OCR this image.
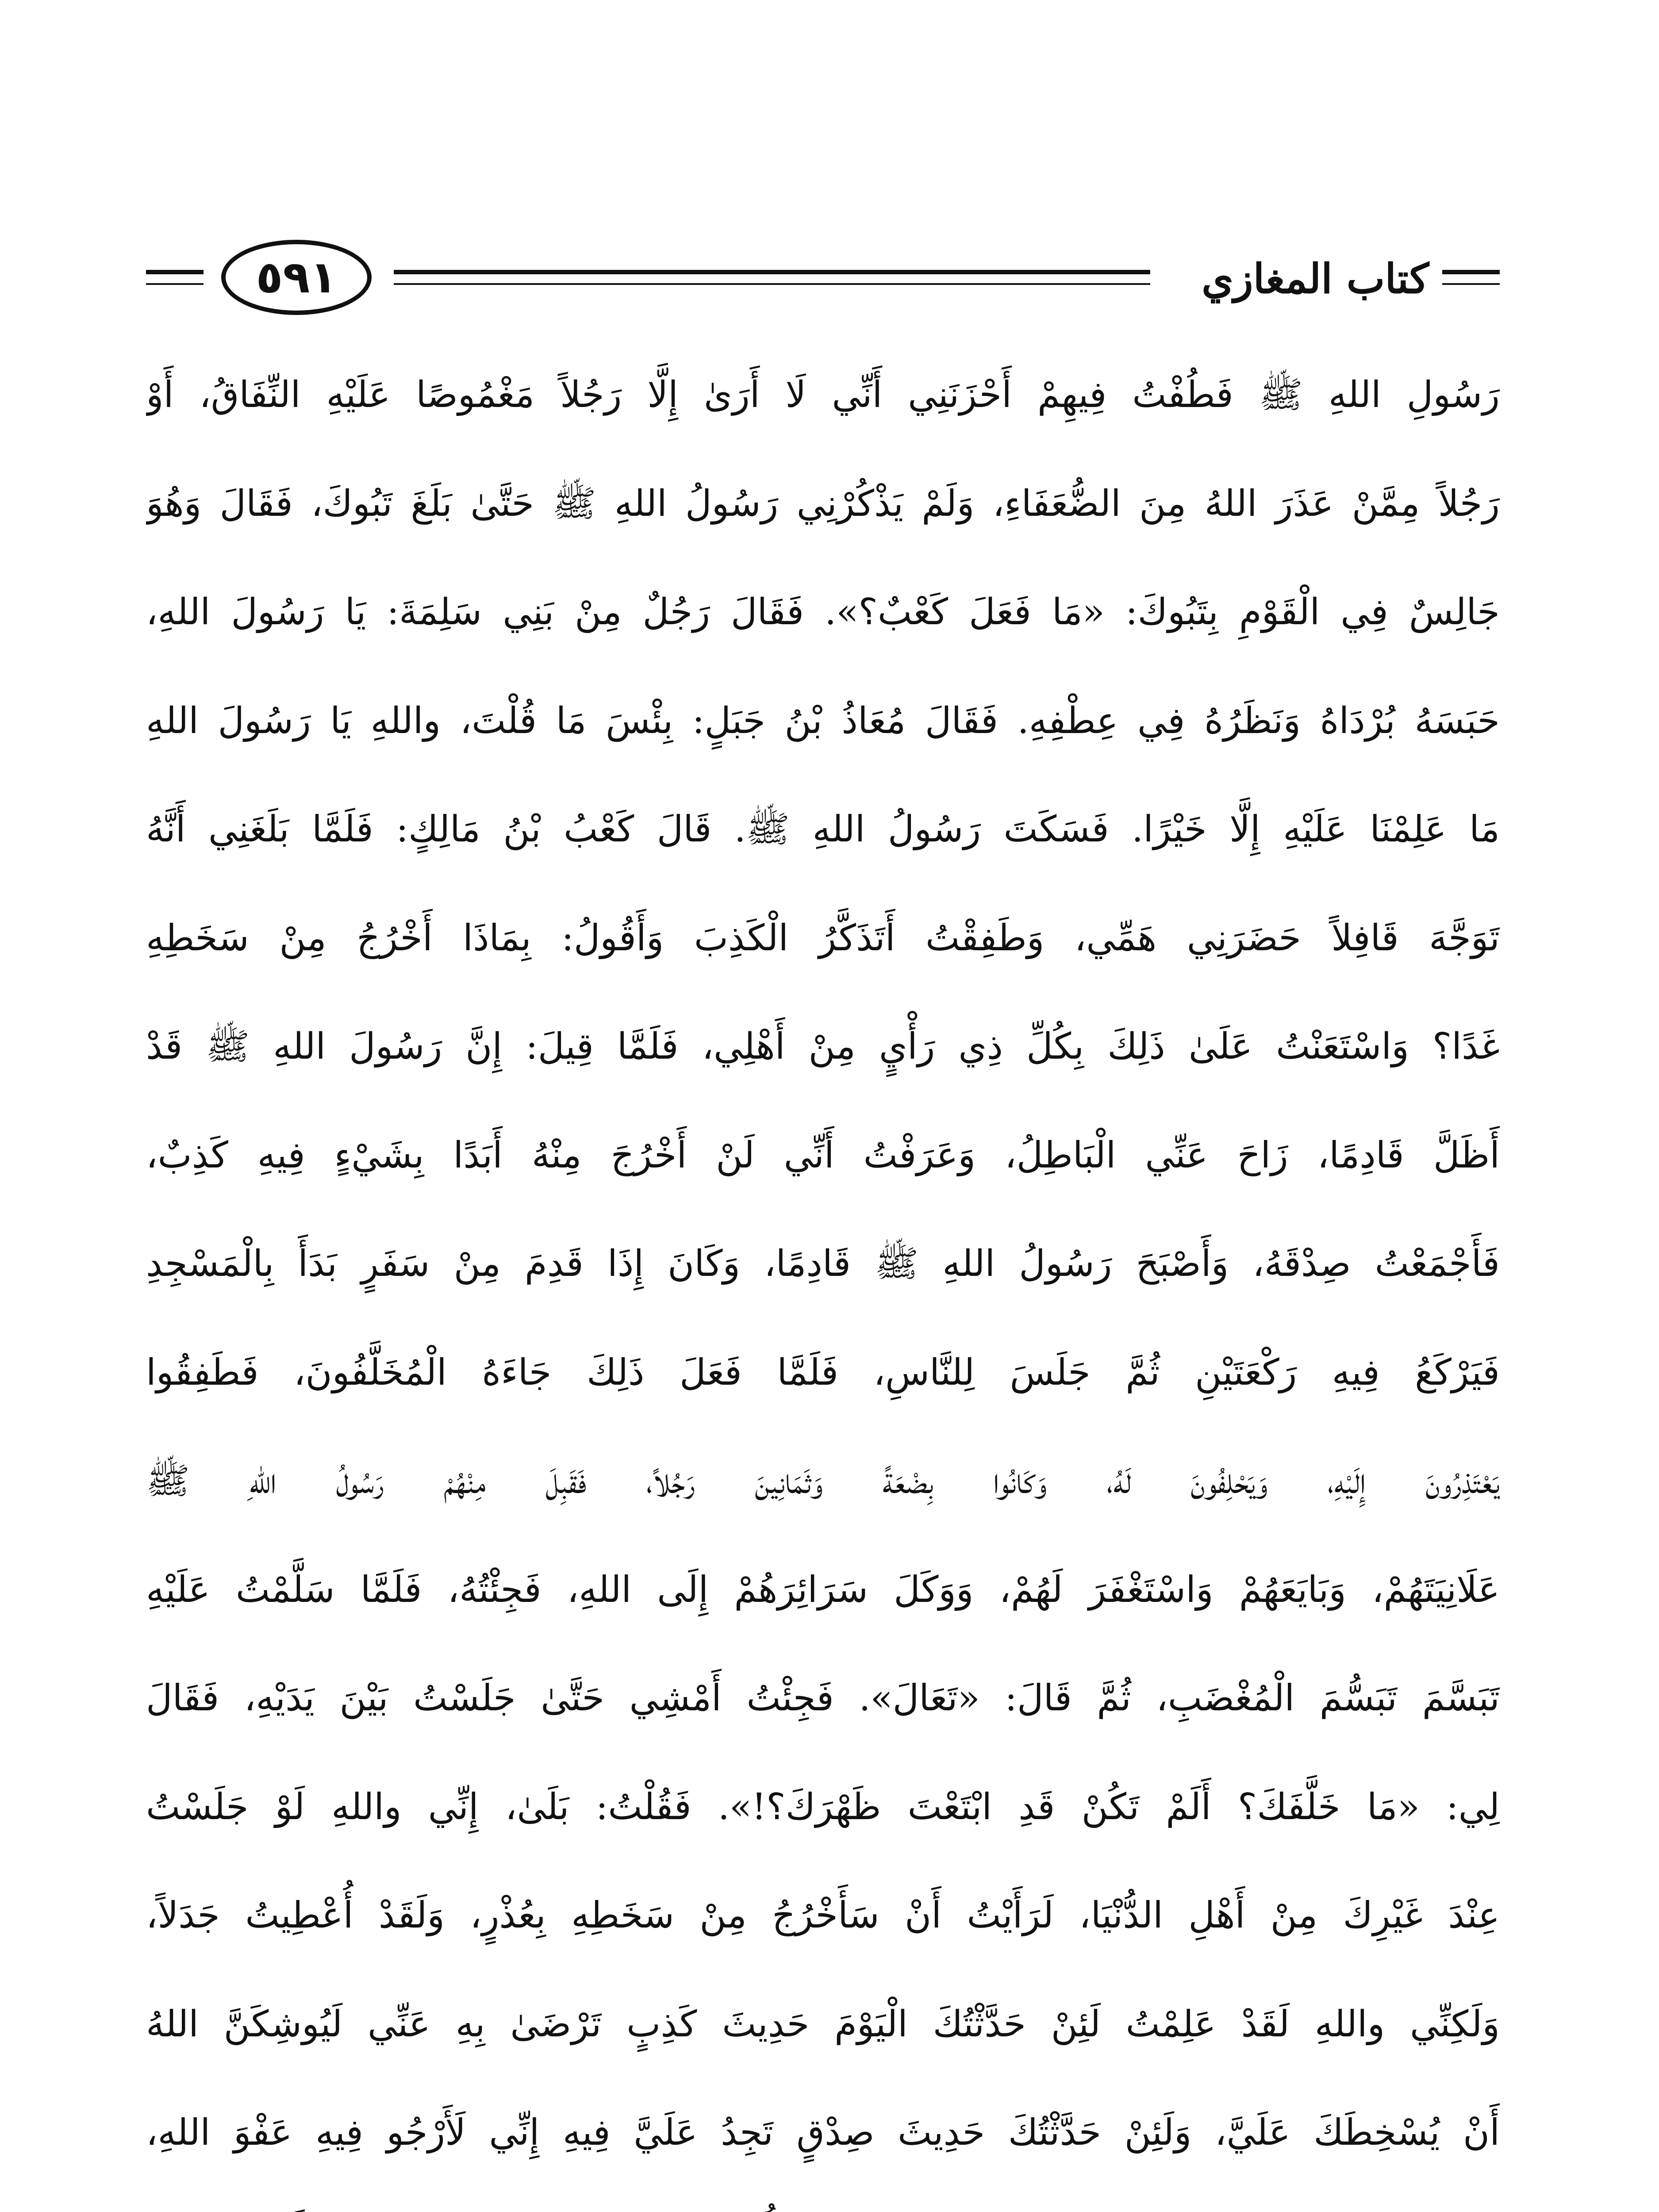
كتاب المغازي
٥٩١
رَسُولِ اللهِ ﷺ فَطُفْتُ فِيهِمْ أَحْزَنَنِي أَنِّي لَا أَرَىٰ إِلَّا رَجُلاً مَغْمُوصًا عَلَيْهِ النِّفَاقُ، أَوْ
رَجُلاً مِمَّنْ عَذَرَ اللهُ مِنَ الضُّعَفَاءِ، وَلَمْ يَذْكُرْنِي رَسُولُ اللهِ ﷺ حَتَّىٰ بَلَغَ تَبُوكَ، فَقَالَ وَهُوَ
جَالِسٌ فِي الْقَوْمِ بِتَبُوكَ: «مَا فَعَلَ كَعْبٌ؟». فَقَالَ رَجُلٌ مِنْ بَنِي سَلِمَةَ: يَا رَسُولَ اللهِ،
حَبَسَهُ بُرْدَاهُ وَنَظَرُهُ فِي عِطْفِهِ. فَقَالَ مُعَاذُ بْنُ جَبَلٍ: بِئْسَ مَا قُلْتَ، واللهِ يَا رَسُولَ اللهِ
مَا عَلِمْنَا عَلَيْهِ إِلَّا خَيْرًا. فَسَكَتَ رَسُولُ اللهِ ﷺ. قَالَ كَعْبُ بْنُ مَالِكٍ: فَلَمَّا بَلَغَنِي أَنَّهُ
تَوَجَّهَ قَافِلاً حَضَرَنِي هَمِّي، وَطَفِقْتُ أَتَذَكَّرُ الْكَذِبَ وَأَقُولُ: بِمَاذَا أَخْرُجُ مِنْ سَخَطِهِ
غَدًا؟ وَاسْتَعَنْتُ عَلَىٰ ذَلِكَ بِكُلِّ ذِي رَأْيٍ مِنْ أَهْلِي، فَلَمَّا قِيلَ: إِنَّ رَسُولَ اللهِ ﷺ قَدْ
أَظَلَّ قَادِمًا، زَاحَ عَنِّي الْبَاطِلُ، وَعَرَفْتُ أَنِّي لَنْ أَخْرُجَ مِنْهُ أَبَدًا بِشَيْءٍ فِيهِ كَذِبٌ،
فَأَجْمَعْتُ صِدْقَهُ، وَأَصْبَحَ رَسُولُ اللهِ ﷺ قَادِمًا، وَكَانَ إِذَا قَدِمَ مِنْ سَفَرٍ بَدَأَ بِالْمَسْجِدِ
فَيَرْكَعُ فِيهِ رَكْعَتَيْنِ ثُمَّ جَلَسَ لِلنَّاسِ، فَلَمَّا فَعَلَ ذَلِكَ جَاءَهُ الْمُخَلَّفُونَ، فَطَفِقُوا
يَعْتَذِرُونَ إِلَيْهِ، وَيَحْلِفُونَ لَهُ، وَكَانُوا بِضْعَةً وَثَمَانِينَ رَجُلاً، فَقَبِلَ مِنْهُمْ رَسُولُ اللهِ ﷺ
عَلَانِيَتَهُمْ، وَبَايَعَهُمْ وَاسْتَغْفَرَ لَهُمْ، وَوَكَلَ سَرَائِرَهُمْ إِلَى اللهِ، فَجِئْتُهُ، فَلَمَّا سَلَّمْتُ عَلَيْهِ
تَبَسَّمَ تَبَسُّمَ الْمُغْضَبِ، ثُمَّ قَالَ: «تَعَالَ». فَجِئْتُ أَمْشِي حَتَّىٰ جَلَسْتُ بَيْنَ يَدَيْهِ، فَقَالَ
لِي: «مَا خَلَّفَكَ؟ أَلَمْ تَكُنْ قَدِ ابْتَعْتَ ظَهْرَكَ؟!». فَقُلْتُ: بَلَىٰ، إِنِّي واللهِ لَوْ جَلَسْتُ
عِنْدَ غَيْرِكَ مِنْ أَهْلِ الدُّنْيَا، لَرَأَيْتُ أَنْ سَأَخْرُجُ مِنْ سَخَطِهِ بِعُذْرٍ، وَلَقَدْ أُعْطِيتُ جَدَلاً،
وَلَكِنِّي واللهِ لَقَدْ عَلِمْتُ لَئِنْ حَدَّثْتُكَ الْيَوْمَ حَدِيثَ كَذِبٍ تَرْضَىٰ بِهِ عَنِّي لَيُوشِكَنَّ اللهُ
أَنْ يُسْخِطَكَ عَلَيَّ، وَلَئِنْ حَدَّثْتُكَ حَدِيثَ صِدْقٍ تَجِدُ عَلَيَّ فِيهِ إِنِّي لَأَرْجُو فِيهِ عَفْوَ اللهِ،
